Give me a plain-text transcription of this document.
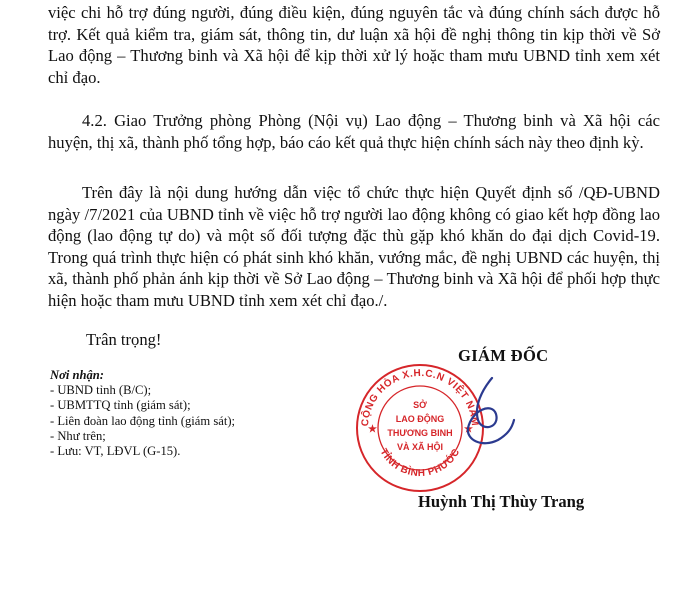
việc chi hỗ trợ đúng người, đúng điều kiện, đúng nguyên tắc và đúng chính sách được hỗ trợ. Kết quả kiểm tra, giám sát, thông tin, dư luận xã hội đề nghị thông tin kịp thời về Sở Lao động – Thương binh và Xã hội để kịp thời xử lý hoặc tham mưu UBND tỉnh xem xét chỉ đạo.

4.2. Giao Trưởng phòng Phòng (Nội vụ) Lao động – Thương binh và Xã hội các huyện, thị xã, thành phố tổng hợp, báo cáo kết quả thực hiện chính sách này theo định kỳ.

Trên đây là nội dung hướng dẫn việc tổ chức thực hiện Quyết định số /QĐ-UBND ngày /7/2021 của UBND tỉnh về việc hỗ trợ người lao động không có giao kết hợp đồng lao động (lao động tự do) và một số đối tượng đặc thù gặp khó khăn do đại dịch Covid-19. Trong quá trình thực hiện có phát sinh khó khăn, vướng mắc, đề nghị UBND các huyện, thị xã, thành phố phản ánh kịp thời về Sở Lao động – Thương binh và Xã hội để phối hợp thực hiện hoặc tham mưu UBND tỉnh xem xét chỉ đạo./.

Trân trọng!

Nơi nhận:
- UBND tỉnh (B/C);
- UBMTTQ tỉnh (giám sát);
- Liên đoàn lao động tỉnh (giám sát);
- Như trên;
- Lưu: VT, LĐVL (G-15).
GIÁM ĐỐC
CỘNG HÒA X.H.C.N VIỆT NAM
TỈNH BÌNH PHƯỚC
SỞ
LAO ĐỘNG
THƯƠNG BINH
VÀ XÃ HỘI
★	★
Huỳnh Thị Thùy Trang
